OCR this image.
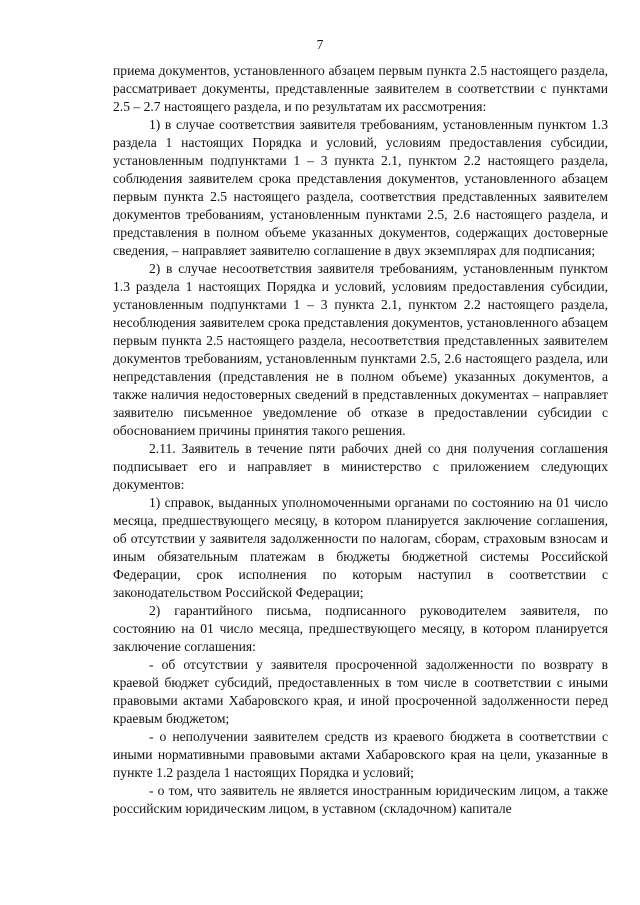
7

приема документов, установленного абзацем первым пункта 2.5 настоящего раздела, рассматривает документы, представленные заявителем в соответствии с пунктами 2.5 – 2.7 настоящего раздела, и по результатам их рассмотрения:

1) в случае соответствия заявителя требованиям, установленным пунктом 1.3 раздела 1 настоящих Порядка и условий, условиям предоставления субсидии, установленным подпунктами 1 – 3 пункта 2.1, пунктом 2.2 настоящего раздела, соблюдения заявителем срока представления документов, установленного абзацем первым пункта 2.5 настоящего раздела, соответствия представленных заявителем документов требованиям, установленным пунктами 2.5, 2.6 настоящего раздела, и представления в полном объеме указанных документов, содержащих достоверные сведения, – направляет заявителю соглашение в двух экземплярах для подписания;

2) в случае несоответствия заявителя требованиям, установленным пунктом 1.3 раздела 1 настоящих Порядка и условий, условиям предоставления субсидии, установленным подпунктами 1 – 3 пункта 2.1, пунктом 2.2 настоящего раздела, несоблюдения заявителем срока представления документов, установленного абзацем первым пункта 2.5 настоящего раздела, несоответствия представленных заявителем документов требованиям, установленным пунктами 2.5, 2.6 настоящего раздела, или непредставления (представления не в полном объеме) указанных документов, а также наличия недостоверных сведений в представленных документах – направляет заявителю письменное уведомление об отказе в предоставлении субсидии с обоснованием причины принятия такого решения.

2.11. Заявитель в течение пяти рабочих дней со дня получения соглашения подписывает его и направляет в министерство с приложением следующих документов:

1) справок, выданных уполномоченными органами по состоянию на 01 число месяца, предшествующего месяцу, в котором планируется заключение соглашения, об отсутствии у заявителя задолженности по налогам, сборам, страховым взносам и иным обязательным платежам в бюджеты бюджетной системы Российской Федерации, срок исполнения по которым наступил в соответствии с законодательством Российской Федерации;

2) гарантийного письма, подписанного руководителем заявителя, по состоянию на 01 число месяца, предшествующего месяцу, в котором планируется заключение соглашения:

- об отсутствии у заявителя просроченной задолженности по возврату в краевой бюджет субсидий, предоставленных в том числе в соответствии с иными правовыми актами Хабаровского края, и иной просроченной задолженности перед краевым бюджетом;

- о неполучении заявителем средств из краевого бюджета в соответствии с иными нормативными правовыми актами Хабаровского края на цели, указанные в пункте 1.2 раздела 1 настоящих Порядка и условий;

- о том, что заявитель не является иностранным юридическим лицом, а также российским юридическим лицом, в уставном (складочном) капитале
